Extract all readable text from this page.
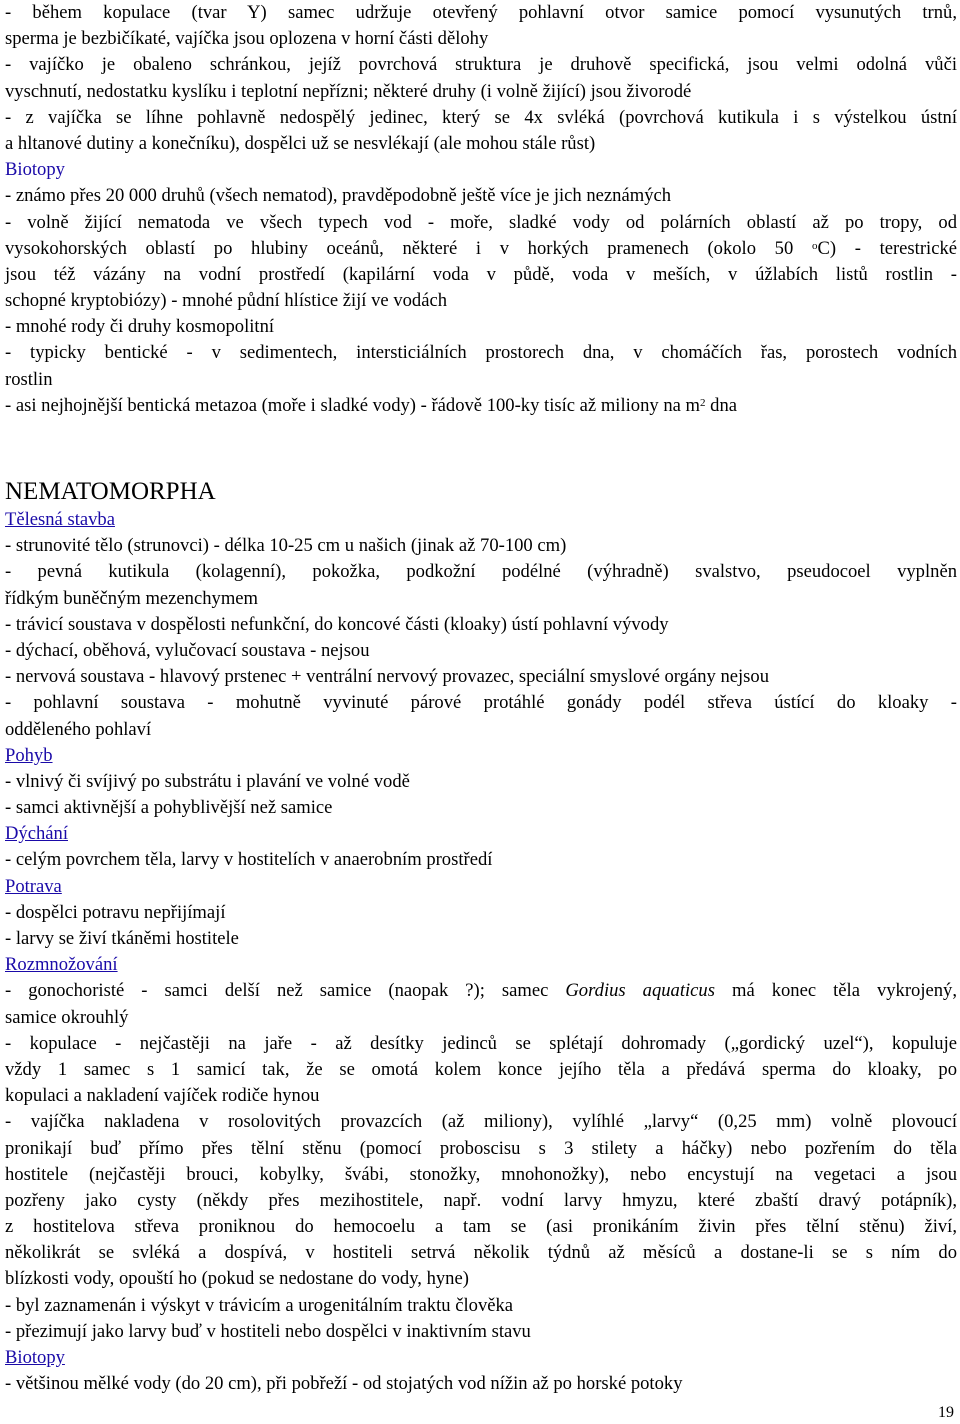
- během kopulace (tvar Y) samec udržuje otevřený pohlavní otvor samice pomocí vysunutých trnů,
sperma je bezbičíkaté, vajíčka jsou oplozena v horní části dělohy
- vajíčko je obaleno schránkou, jejíž povrchová struktura je druhově specifická, jsou velmi odolná vůči
vyschnutí, nedostatku kyslíku i teplotní nepřízni; některé druhy (i volně žijící) jsou živorodé
- z vajíčka se líhne pohlavně nedospělý jedinec, který se 4x svléká (povrchová kutikula i s výstelkou ústní
a hltanové dutiny a konečníku), dospělci už se nesvlékají (ale mohou stále růst)
Biotopy
- známo přes 20 000 druhů (všech nematod), pravděpodobně ještě více je jich neznámých
- volně žijící nematoda ve všech typech vod - moře, sladké vody od polárních oblastí až po tropy, od
vysokohorských oblastí po hlubiny oceánů, některé i v horkých pramenech (okolo 50 $^o$C) - terestrické
jsou též vázány na vodní prostředí (kapilární voda v půdě, voda v meších, v úžlabích listů rostlin -
schopné kryptobiózy) - mnohé půdní hlístice žijí ve vodách
- mnohé rody či druhy kosmopolitní
- typicky bentické - v sedimentech, intersticiálních prostorech dna, v chomáčích řas, porostech vodních
rostlin
- asi nejhojnější bentická metazoa (moře i sladké vody) - řádově 100-ky tisíc až miliony na $m^2$ dna
NEMATOMORPHA
Tělesná stavba
- strunovité tělo (strunovci) - délka 10-25 cm u našich (jinak až 70-100 cm)
- pevná kutikula (kolagenní), pokožka, podkožní podélné (výhradně) svalstvo, pseudocoel vyplněn
řídkým buněčným mezenchymem
- trávicí soustava v dospělosti nefunkční, do koncové části (kloaky) ústí pohlavní vývody
- dýchací, oběhová, vylučovací soustava - nejsou
- nervová soustava - hlavový prstenec + ventrální nervový provazec, speciální smyslové orgány nejsou
- pohlavní soustava - mohutně vyvinuté párové protáhlé gonády podél střeva ústící do kloaky -
odděleného pohlaví
Pohyb
- vlnivý či svíjivý po substrátu i plavání ve volné vodě
- samci aktivnější a pohyblivější než samice
Dýchání
- celým povrchem těla, larvy v hostitelích v anaerobním prostředí
Potrava
- dospělci potravu nepřijímají
- larvy se živí tkáněmi hostitele
Rozmnožování
- gonochoristé - samci delší než samice (naopak ?); samec Gordius aquaticus má konec těla vykrojený,
samice okrouhlý
- kopulace - nejčastěji na jaře - až desítky jedinců se splétají dohromady („gordický uzel“), kopuluje
vždy 1 samec s 1 samicí tak, že se omotá kolem konce jejího těla a předává sperma do kloaky, po
kopulaci a nakladení vajíček rodiče hynou
- vajíčka nakladena v rosolovitých provazcích (až miliony), vylíhlé „larvy“ (0,25 mm) volně plovoucí
pronikají buď přímo přes tělní stěnu (pomocí proboscisu s 3 stilety a háčky) nebo pozřením do těla
hostitele (nejčastěji brouci, kobylky, švábi, stonožky, mnohonožky), nebo encystují na vegetaci a jsou
pozřeny jako cysty (někdy přes mezihostitele, např. vodní larvy hmyzu, které zbaští dravý potápník),
z hostitelova střeva proniknou do hemocoelu a tam se (asi pronikáním živin přes tělní stěnu) živí,
několikrát se svléká a dospívá, v hostiteli setrvá několik týdnů až měsíců a dostane-li se s ním do
blízkosti vody, opouští ho (pokud se nedostane do vody, hyne)
- byl zaznamenán i výskyt v trávicím a urogenitálním traktu člověka
- přezimují jako larvy buď v hostiteli nebo dospělci v inaktivním stavu
Biotopy
- většinou mělké vody (do 20 cm), při pobřeží - od stojatých vod nížin až po horské potoky
19
